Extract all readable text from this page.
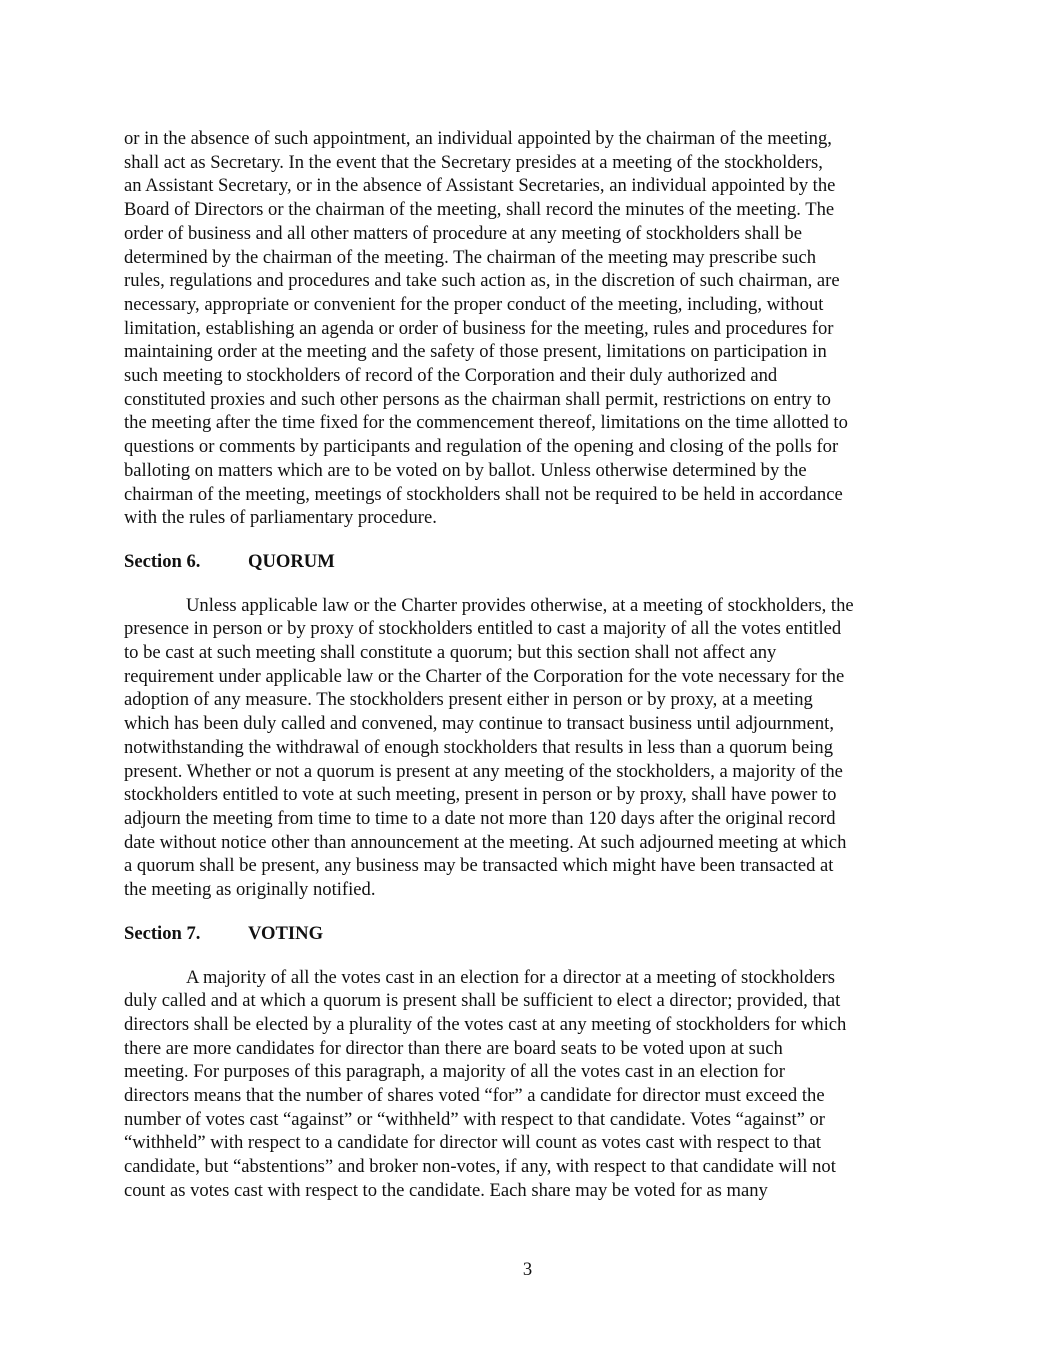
or in the absence of such appointment, an individual appointed by the chairman of the meeting,
shall act as Secretary. In the event that the Secretary presides at a meeting of the stockholders,
an Assistant Secretary, or in the absence of Assistant Secretaries, an individual appointed by the
Board of Directors or the chairman of the meeting, shall record the minutes of the meeting. The
order of business and all other matters of procedure at any meeting of stockholders shall be
determined by the chairman of the meeting. The chairman of the meeting may prescribe such
rules, regulations and procedures and take such action as, in the discretion of such chairman, are
necessary, appropriate or convenient for the proper conduct of the meeting, including, without
limitation, establishing an agenda or order of business for the meeting, rules and procedures for
maintaining order at the meeting and the safety of those present, limitations on participation in
such meeting to stockholders of record of the Corporation and their duly authorized and
constituted proxies and such other persons as the chairman shall permit, restrictions on entry to
the meeting after the time fixed for the commencement thereof, limitations on the time allotted to
questions or comments by participants and regulation of the opening and closing of the polls for
balloting on matters which are to be voted on by ballot. Unless otherwise determined by the
chairman of the meeting, meetings of stockholders shall not be required to be held in accordance
with the rules of parliamentary procedure.

Section 6.	QUORUM

Unless applicable law or the Charter provides otherwise, at a meeting of stockholders, the
presence in person or by proxy of stockholders entitled to cast a majority of all the votes entitled
to be cast at such meeting shall constitute a quorum; but this section shall not affect any
requirement under applicable law or the Charter of the Corporation for the vote necessary for the
adoption of any measure. The stockholders present either in person or by proxy, at a meeting
which has been duly called and convened, may continue to transact business until adjournment,
notwithstanding the withdrawal of enough stockholders that results in less than a quorum being
present. Whether or not a quorum is present at any meeting of the stockholders, a majority of the
stockholders entitled to vote at such meeting, present in person or by proxy, shall have power to
adjourn the meeting from time to time to a date not more than 120 days after the original record
date without notice other than announcement at the meeting. At such adjourned meeting at which
a quorum shall be present, any business may be transacted which might have been transacted at
the meeting as originally notified.

Section 7.	VOTING

A majority of all the votes cast in an election for a director at a meeting of stockholders
duly called and at which a quorum is present shall be sufficient to elect a director; provided, that
directors shall be elected by a plurality of the votes cast at any meeting of stockholders for which
there are more candidates for director than there are board seats to be voted upon at such
meeting. For purposes of this paragraph, a majority of all the votes cast in an election for
directors means that the number of shares voted “for” a candidate for director must exceed the
number of votes cast “against” or “withheld” with respect to that candidate. Votes “against” or
“withheld” with respect to a candidate for director will count as votes cast with respect to that
candidate, but “abstentions” and broker non-votes, if any, with respect to that candidate will not
count as votes cast with respect to the candidate. Each share may be voted for as many

3
